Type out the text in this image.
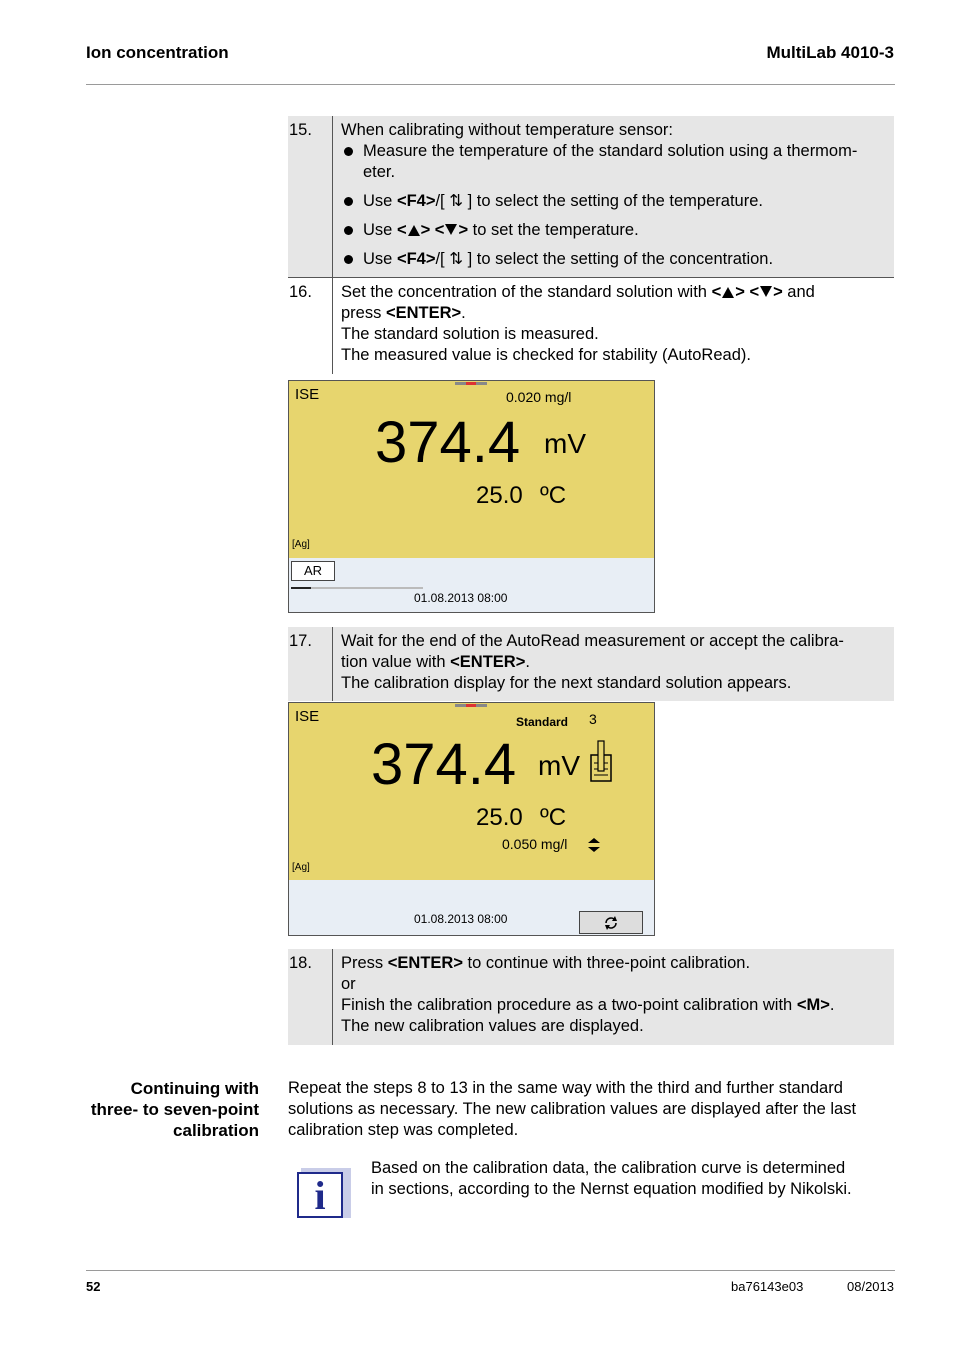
Ion concentration	MultiLab 4010-3
15. When calibrating without temperature sensor:
Measure the temperature of the standard solution using a thermom-
eter.
Use <F4>/[ ⇅ ] to select the setting of the temperature.
Use < > < > to set the temperature.
Use <F4>/[ ⇅ ] to select the setting of the concentration.
16. Set the concentration of the standard solution with < > < > and
press <ENTER>.
The standard solution is measured.
The measured value is checked for stability (AutoRead).
ISE	0.020 mg/l
374.4 mV
25.0 ºC
[Ag]
AR
01.08.2013 08:00
17. Wait for the end of the AutoRead measurement or accept the calibra-
tion value with <ENTER>.
The calibration display for the next standard solution appears.
ISE	Standard 3
374.4 mV
25.0 ºC
0.050 mg/l
[Ag]
01.08.2013 08:00
18. Press <ENTER> to continue with three-point calibration.
or
Finish the calibration procedure as a two-point calibration with <M>.
The new calibration values are displayed.
Continuing with
three- to seven-point
calibration
Repeat the steps 8 to 13 in the same way with the third and further standard
solutions as necessary. The new calibration values are displayed after the last
calibration step was completed.
i
Based on the calibration data, the calibration curve is determined
in sections, according to the Nernst equation modified by Nikolski.
52	ba76143e03	08/2013
